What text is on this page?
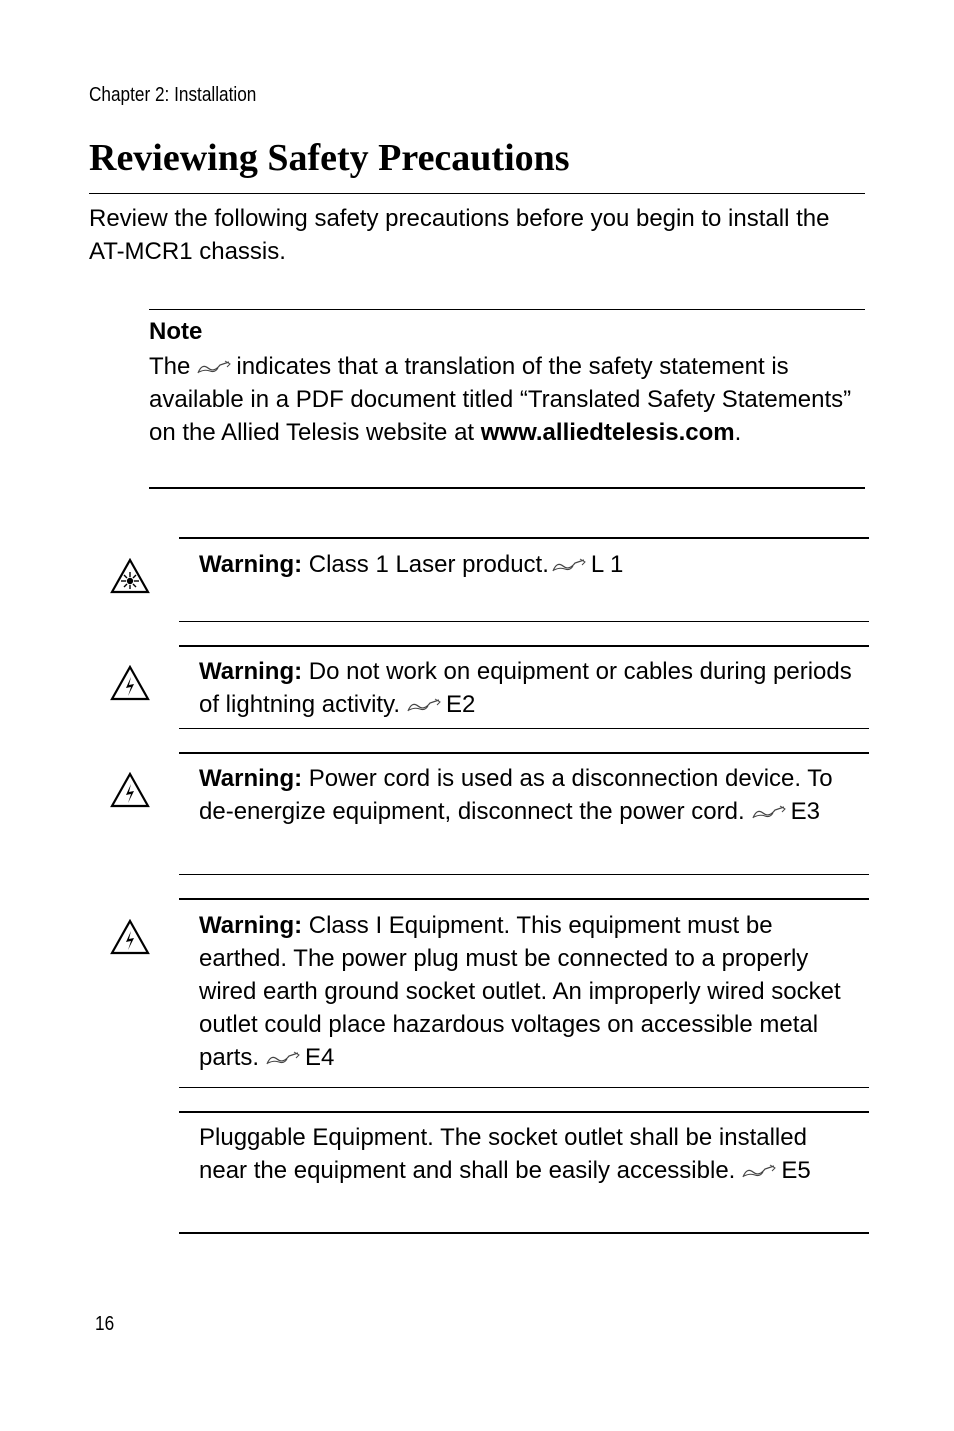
Chapter 2: Installation
Reviewing Safety Precautions

Review the following safety precautions before you begin to install the AT-MCR1 chassis.

Note
The indicates that a translation of the safety statement is available in a PDF document titled “Translated Safety Statements” on the Allied Telesis website at www.alliedtelesis.com.
Warning: Class 1 Laser product. L 1
Warning: Do not work on equipment or cables during periods of lightning activity. E2
Warning: Power cord is used as a disconnection device. To de-energize equipment, disconnect the power cord. E3
Warning: Class I Equipment. This equipment must be earthed. The power plug must be connected to a properly wired earth ground socket outlet. An improperly wired socket outlet could place hazardous voltages on accessible metal parts. E4
Pluggable Equipment. The socket outlet shall be installed near the equipment and shall be easily accessible. E5
16
